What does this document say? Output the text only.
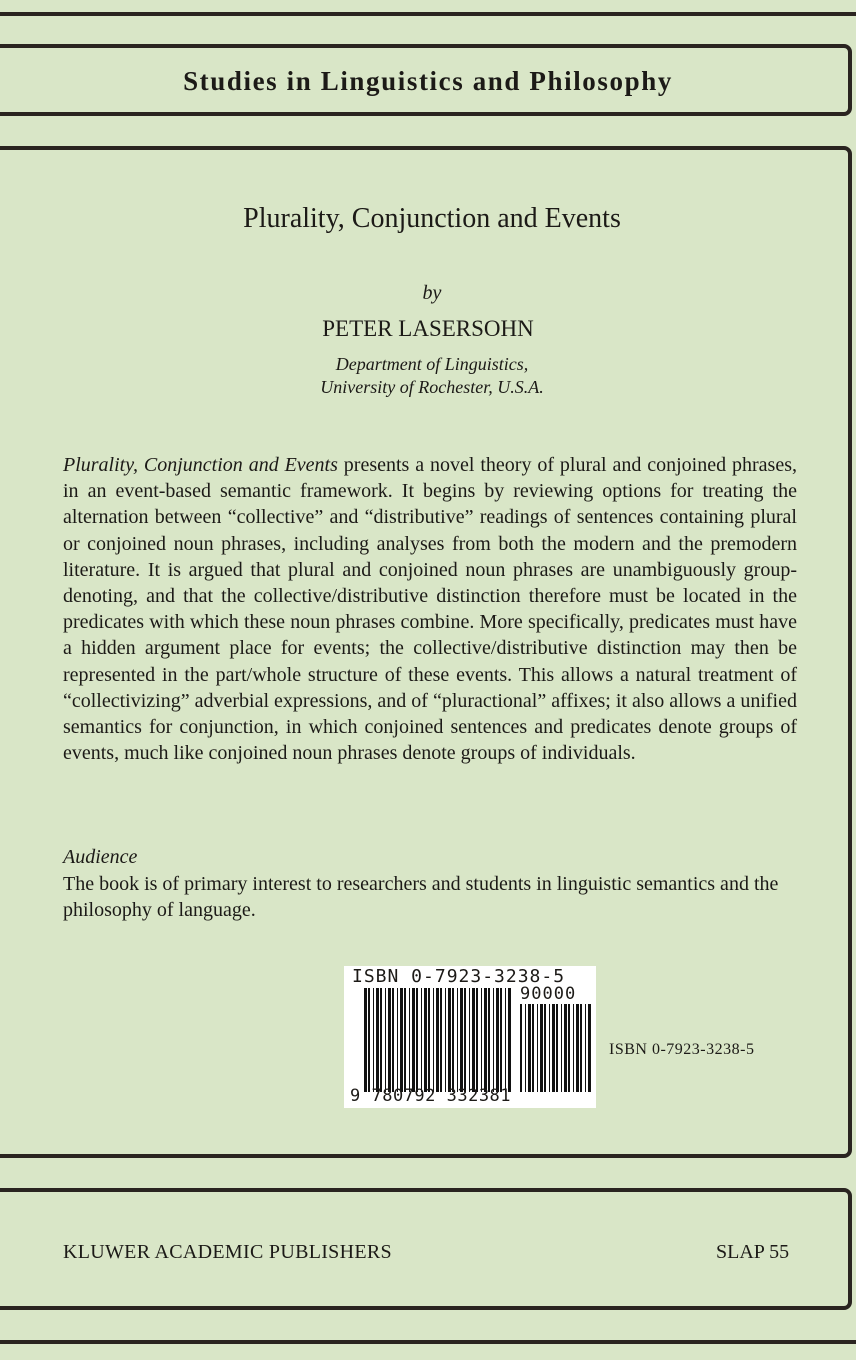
Studies in Linguistics and Philosophy
Plurality, Conjunction and Events
by
PETER LASERSOHN
Department of Linguistics,
University of Rochester, U.S.A.

Plurality, Conjunction and Events presents a novel theory of plural and conjoined phrases, in an event-based semantic framework. It begins by reviewing options for treating the alternation between “collective” and “distributive” readings of sentences containing plural or conjoined noun phrases, including analyses from both the modern and the premodern literature. It is argued that plural and conjoined noun phrases are unambiguously group-denoting, and that the collective/distributive distinction therefore must be located in the predicates with which these noun phrases combine. More specifically, predicates must have a hidden argument place for events; the collective/distributive distinction may then be represented in the part/whole structure of these events. This allows a natural treatment of “collectivizing” adverbial expressions, and of “pluractional” affixes; it also allows a unified semantics for conjunction, in which conjoined sentences and predicates denote groups of events, much like conjoined noun phrases denote groups of individuals.

Audience

The book is of primary interest to researchers and students in linguistic semantics and the philosophy of language.

ISBN 0-7923-3238-5
90000
9 780792 332381
ISBN 0-7923-3238-5
KLUWER ACADEMIC PUBLISHERS	SLAP 55
